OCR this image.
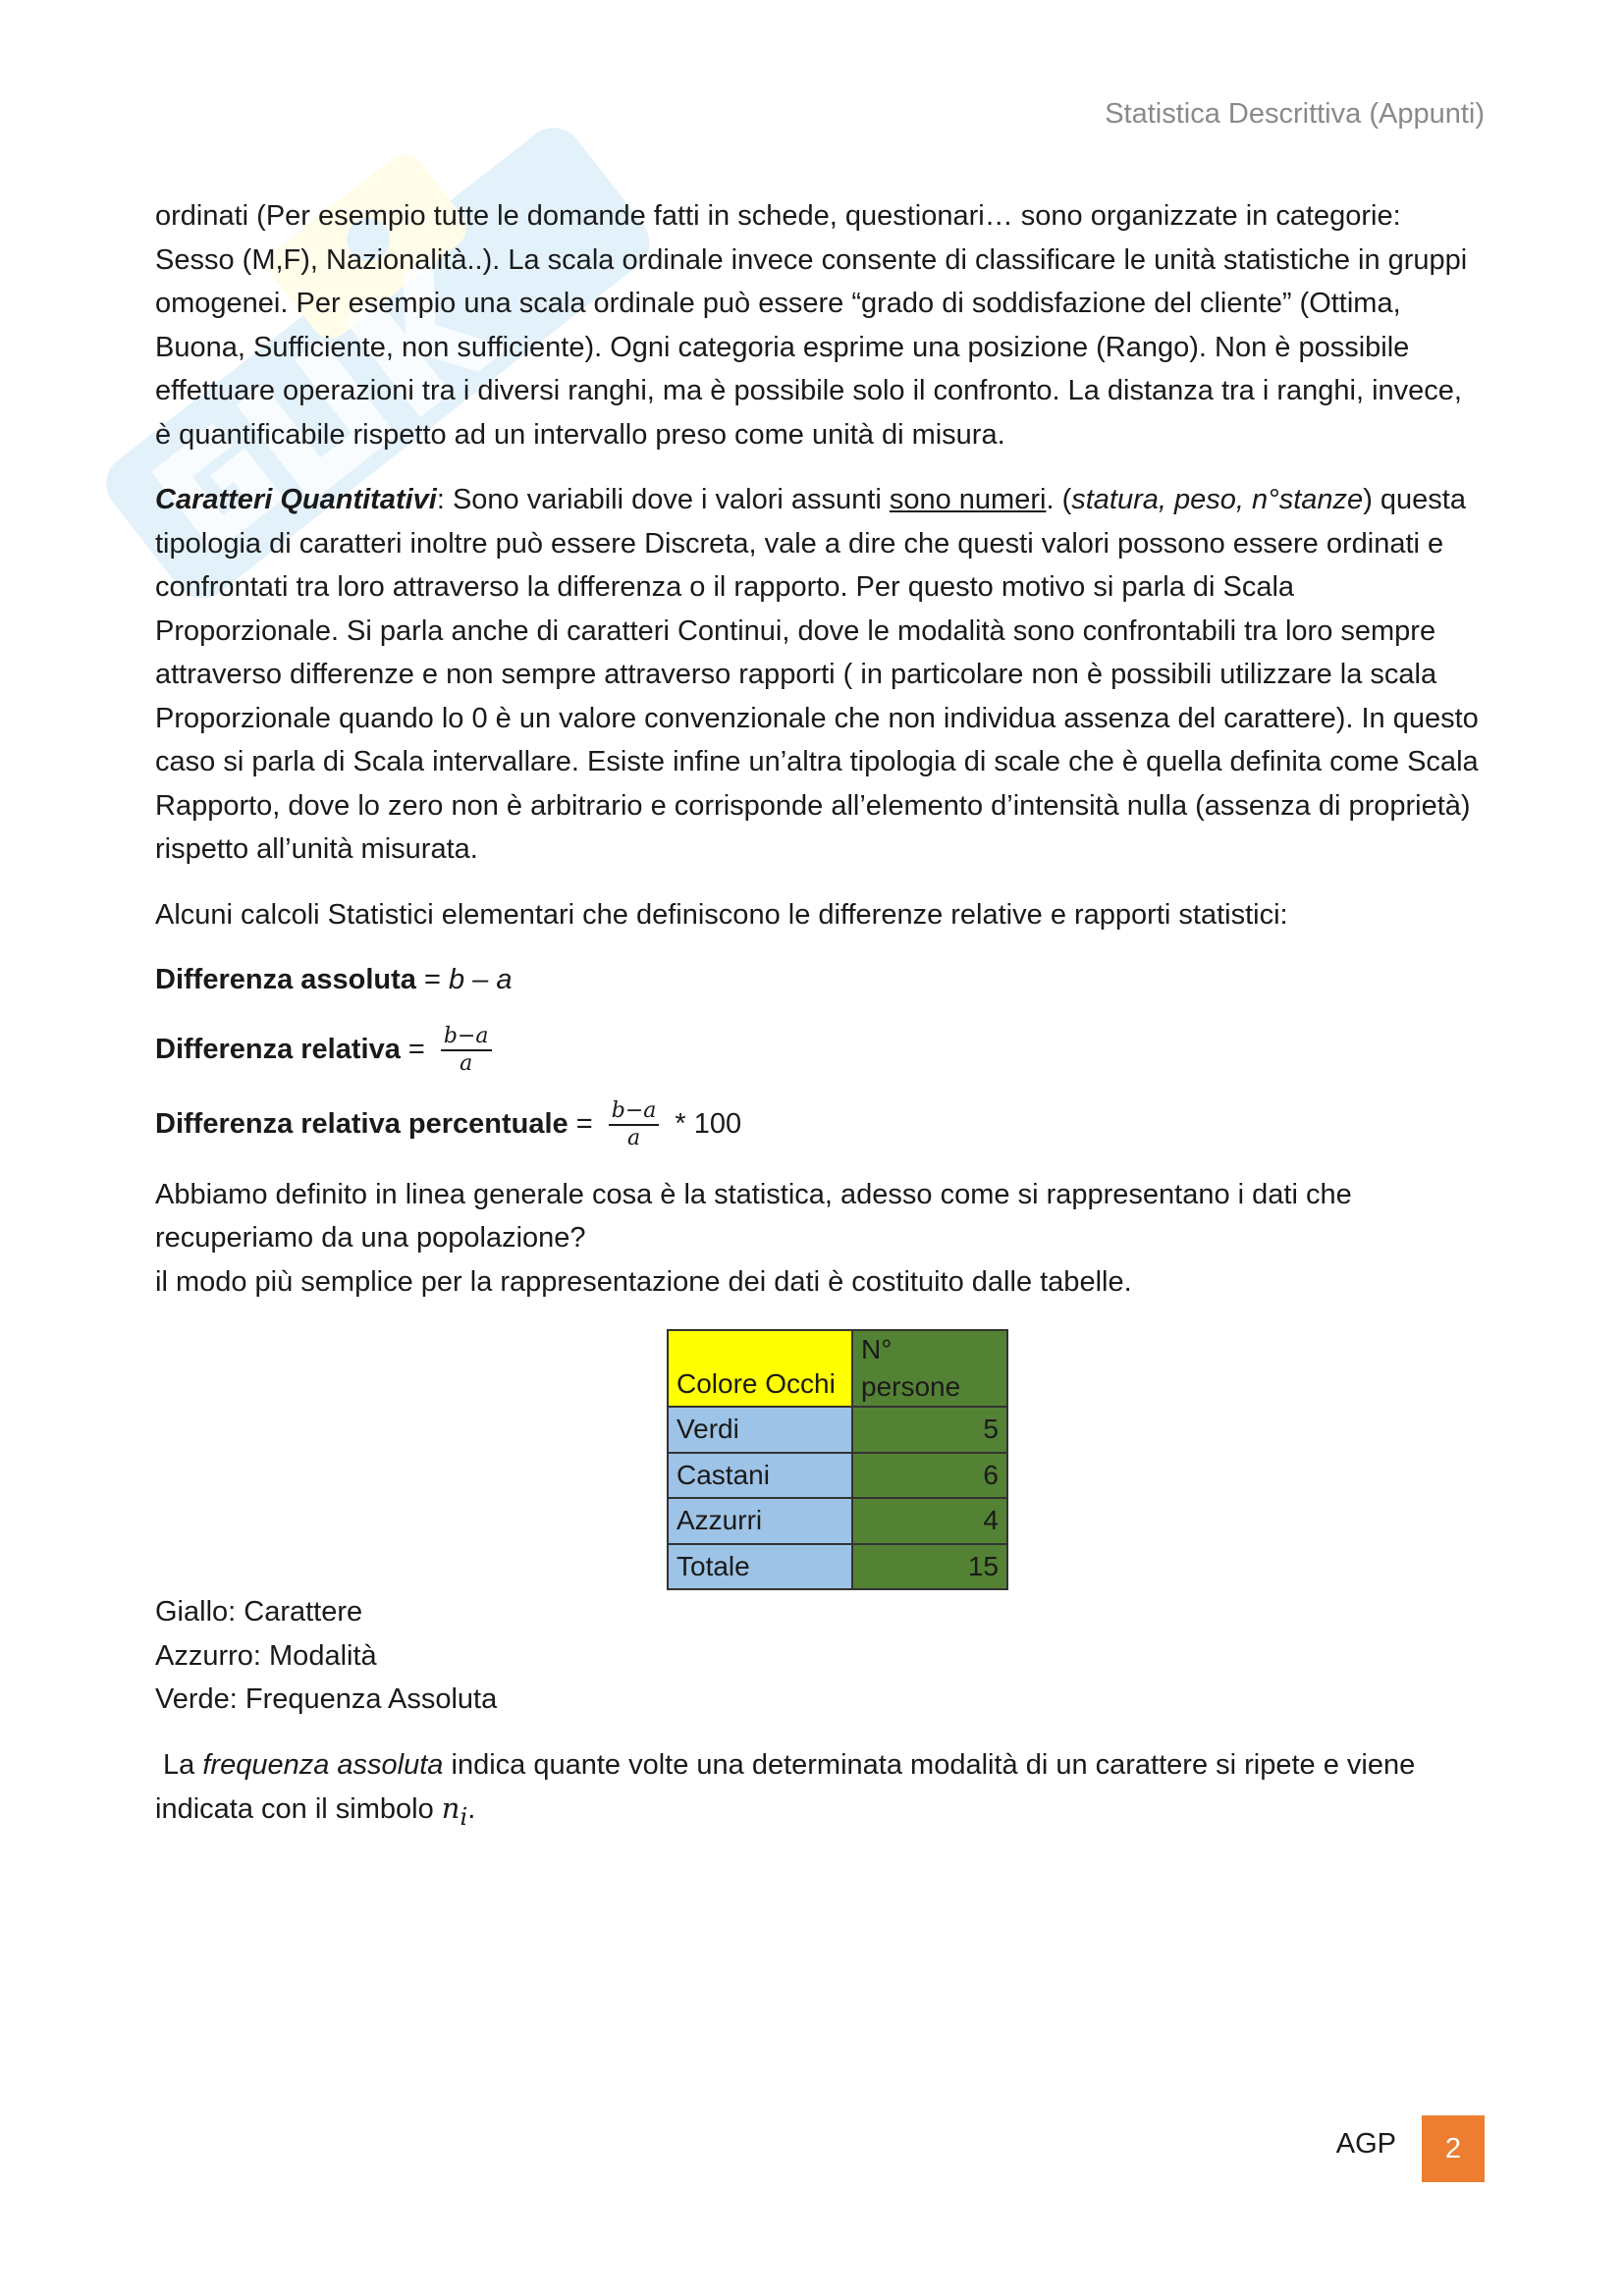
Statistica Descrittiva (Appunti)

ordinati (Per esempio tutte le domande fatti in schede, questionari… sono organizzate in categorie: Sesso (M,F), Nazionalità..). La scala ordinale invece consente di classificare le unità statistiche in gruppi omogenei. Per esempio una scala ordinale può essere “grado di soddisfazione del cliente” (Ottima, Buona, Sufficiente, non sufficiente). Ogni categoria esprime una posizione (Rango). Non è possibile effettuare operazioni tra i diversi ranghi, ma è possibile solo il confronto. La distanza tra i ranghi, invece, è quantificabile rispetto ad un intervallo preso come unità di misura.

Caratteri Quantitativi: Sono variabili dove i valori assunti sono numeri. (statura, peso, n°stanze) questa tipologia di caratteri inoltre può essere Discreta, vale a dire che questi valori possono essere ordinati e confrontati tra loro attraverso la differenza o il rapporto. Per questo motivo si parla di Scala Proporzionale. Si parla anche di caratteri Continui, dove le modalità sono confrontabili tra loro sempre attraverso differenze e non sempre attraverso rapporti ( in particolare non è possibili utilizzare la scala Proporzionale quando lo 0 è un valore convenzionale che non individua assenza del carattere). In questo caso si parla di Scala intervallare. Esiste infine un’altra tipologia di scale che è quella definita come Scala Rapporto, dove lo zero non è arbitrario e corrisponde all’elemento d’intensità nulla (assenza di proprietà) rispetto all’unità misurata.

Alcuni calcoli Statistici elementari che definiscono le differenze relative e rapporti statistici:

Differenza assoluta = b – a
Differenza relativa = $\frac{b-a}{a}$
Differenza relativa percentuale = $\frac{b-a}{a} * 100$

Abbiamo definito in linea generale cosa è la statistica, adesso come si rappresentano i dati che recuperiamo da una popolazione?
il modo più semplice per la rappresentazione dei dati è costituito dalle tabelle.

Colore Occhi	N° persone
Verdi	5
Castani	6
Azzurri	4
Totale	15

Giallo: Carattere
Azzurro: Modalità
Verde: Frequenza Assoluta

La frequenza assoluta indica quante volte una determinata modalità di un carattere si ripete e viene indicata con il simbolo $n_i$.

AGP	2
